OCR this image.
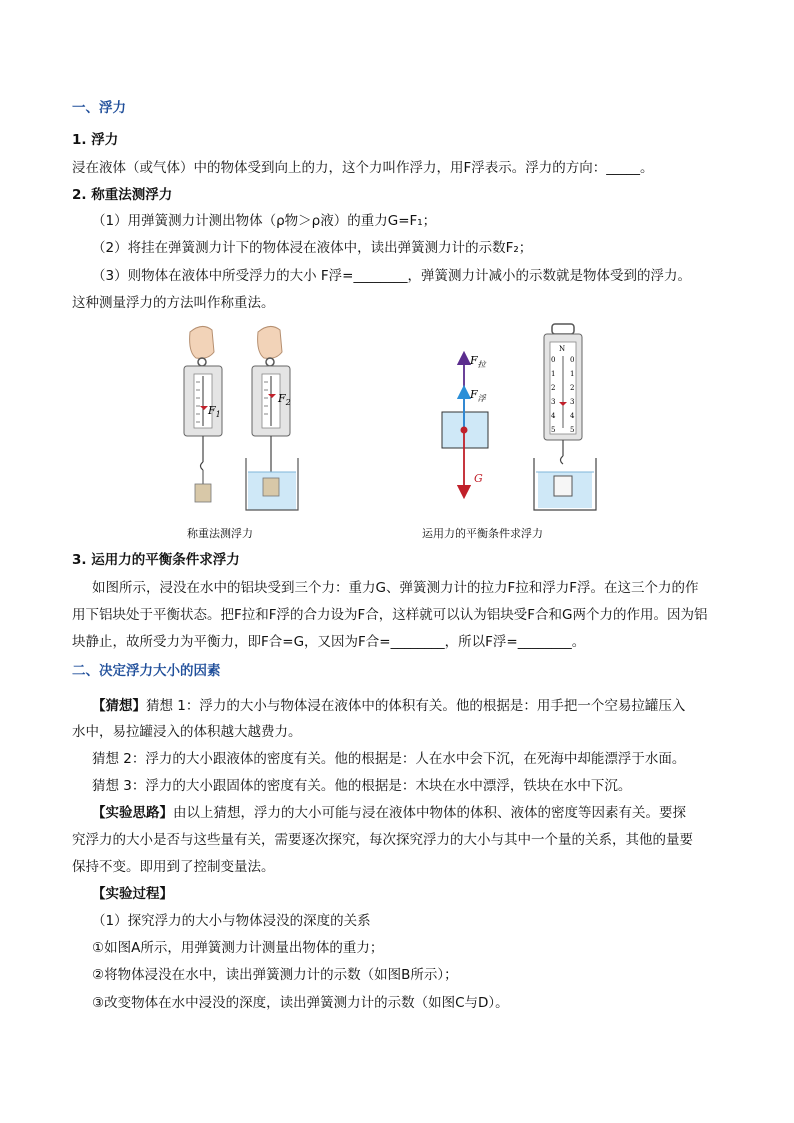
一、浮力
1. 浮力
浸在液体（或气体）中的物体受到向上的力，这个力叫作浮力，用F浮表示。浮力的方向：_____。
2. 称重法测浮力
（1）用弹簧测力计测出物体（ρ物＞ρ液）的重力G=F₁；
（2）将挂在弹簧测力计下的物体浸在液体中，读出弹簧测力计的示数F₂；
（3）则物体在液体中所受浮力的大小 F浮=________，弹簧测力计减小的示数就是物体受到的浮力。
这种测量浮力的方法叫作称重法。
$F_1$
$F_2$
$F_拉$
$F_浮$
G
N
0
1
2
3
4
5
0
1
2
3
4
5
称重法测浮力	运用力的平衡条件求浮力
3. 运用力的平衡条件求浮力
如图所示，浸没在水中的铝块受到三个力：重力G、弹簧测力计的拉力F拉和浮力F浮。在这三个力的作
用下铝块处于平衡状态。把F拉和F浮的合力设为F合，这样就可以认为铝块受F合和G两个力的作用。因为铝
块静止，故所受力为平衡力，即F合=G，又因为F合=________，所以F浮=________。
二、决定浮力大小的因素
【猜想】猜想 1：浮力的大小与物体浸在液体中的体积有关。他的根据是：用手把一个空易拉罐压入
水中，易拉罐浸入的体积越大越费力。
猜想 2：浮力的大小跟液体的密度有关。他的根据是：人在水中会下沉，在死海中却能漂浮于水面。
猜想 3：浮力的大小跟固体的密度有关。他的根据是：木块在水中漂浮，铁块在水中下沉。
【实验思路】由以上猜想，浮力的大小可能与浸在液体中物体的体积、液体的密度等因素有关。要探
究浮力的大小是否与这些量有关，需要逐次探究，每次探究浮力的大小与其中一个量的关系，其他的量要
保持不变。即用到了控制变量法。
【实验过程】
（1）探究浮力的大小与物体浸没的深度的关系
①如图A所示，用弹簧测力计测量出物体的重力；
②将物体浸没在水中，读出弹簧测力计的示数（如图B所示）；
③改变物体在水中浸没的深度，读出弹簧测力计的示数（如图C与D）。
